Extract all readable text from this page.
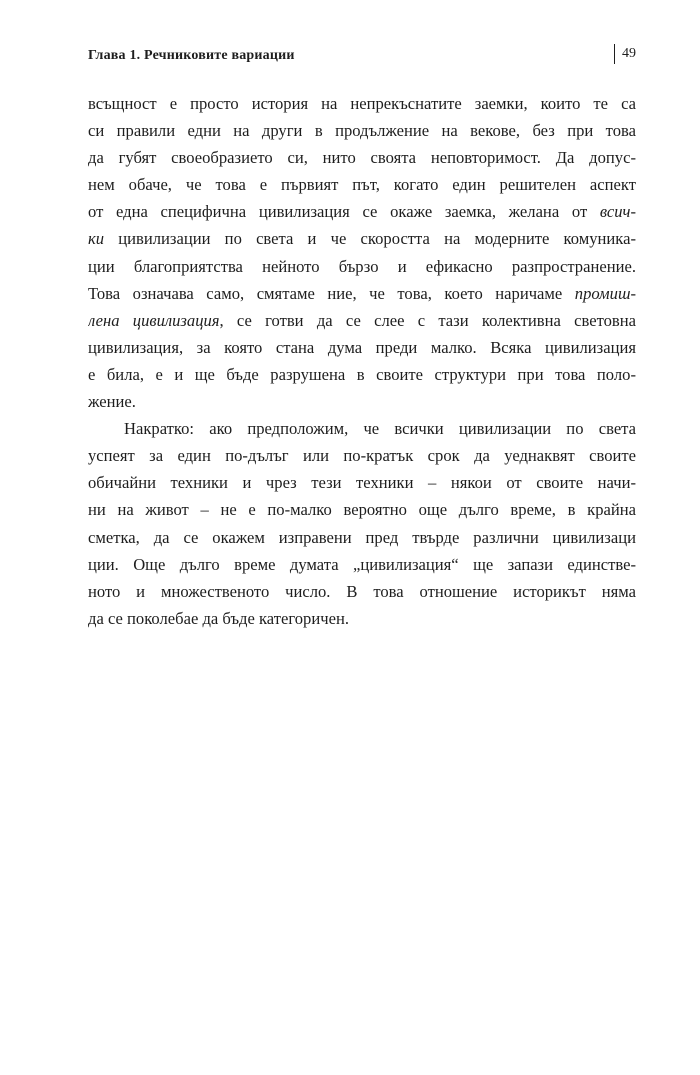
Глава 1. Речниковите вариации	49
всъщност е просто история на непрекъснатите заемки, които те са
си правили едни на други в продължение на векове, без при това
да губят своеобразието си, нито своята неповторимост. Да допус-
нем обаче, че това е първият път, когато един решителен аспект
от една специфична цивилизация се окаже заемка, желана от всич-
ки цивилизации по света и че скоростта на модерните комуника-
ции благоприятства нейното бързо и ефикасно разпространение.
Това означава само, смятаме ние, че това, което наричаме промиш-
лена цивилизация, се готви да се слее с тази колективна световна
цивилизация, за която стана дума преди малко. Всяка цивилизация
е била, е и ще бъде разрушена в своите структури при това поло-
жение.
Накратко: ако предположим, че всички цивилизации по света
успеят за един по-дълъг или по-кратък срок да уеднаквят своите
обичайни техники и чрез тези техники – някои от своите начи-
ни на живот – не е по-малко вероятно още дълго време, в крайна
сметка, да се окажем изправени пред твърде различни цивилизаци
ции. Още дълго време думата „цивилизация“ ще запази единстве-
ното и множественото число. В това отношение историкът няма
да се поколебае да бъде категоричен.
